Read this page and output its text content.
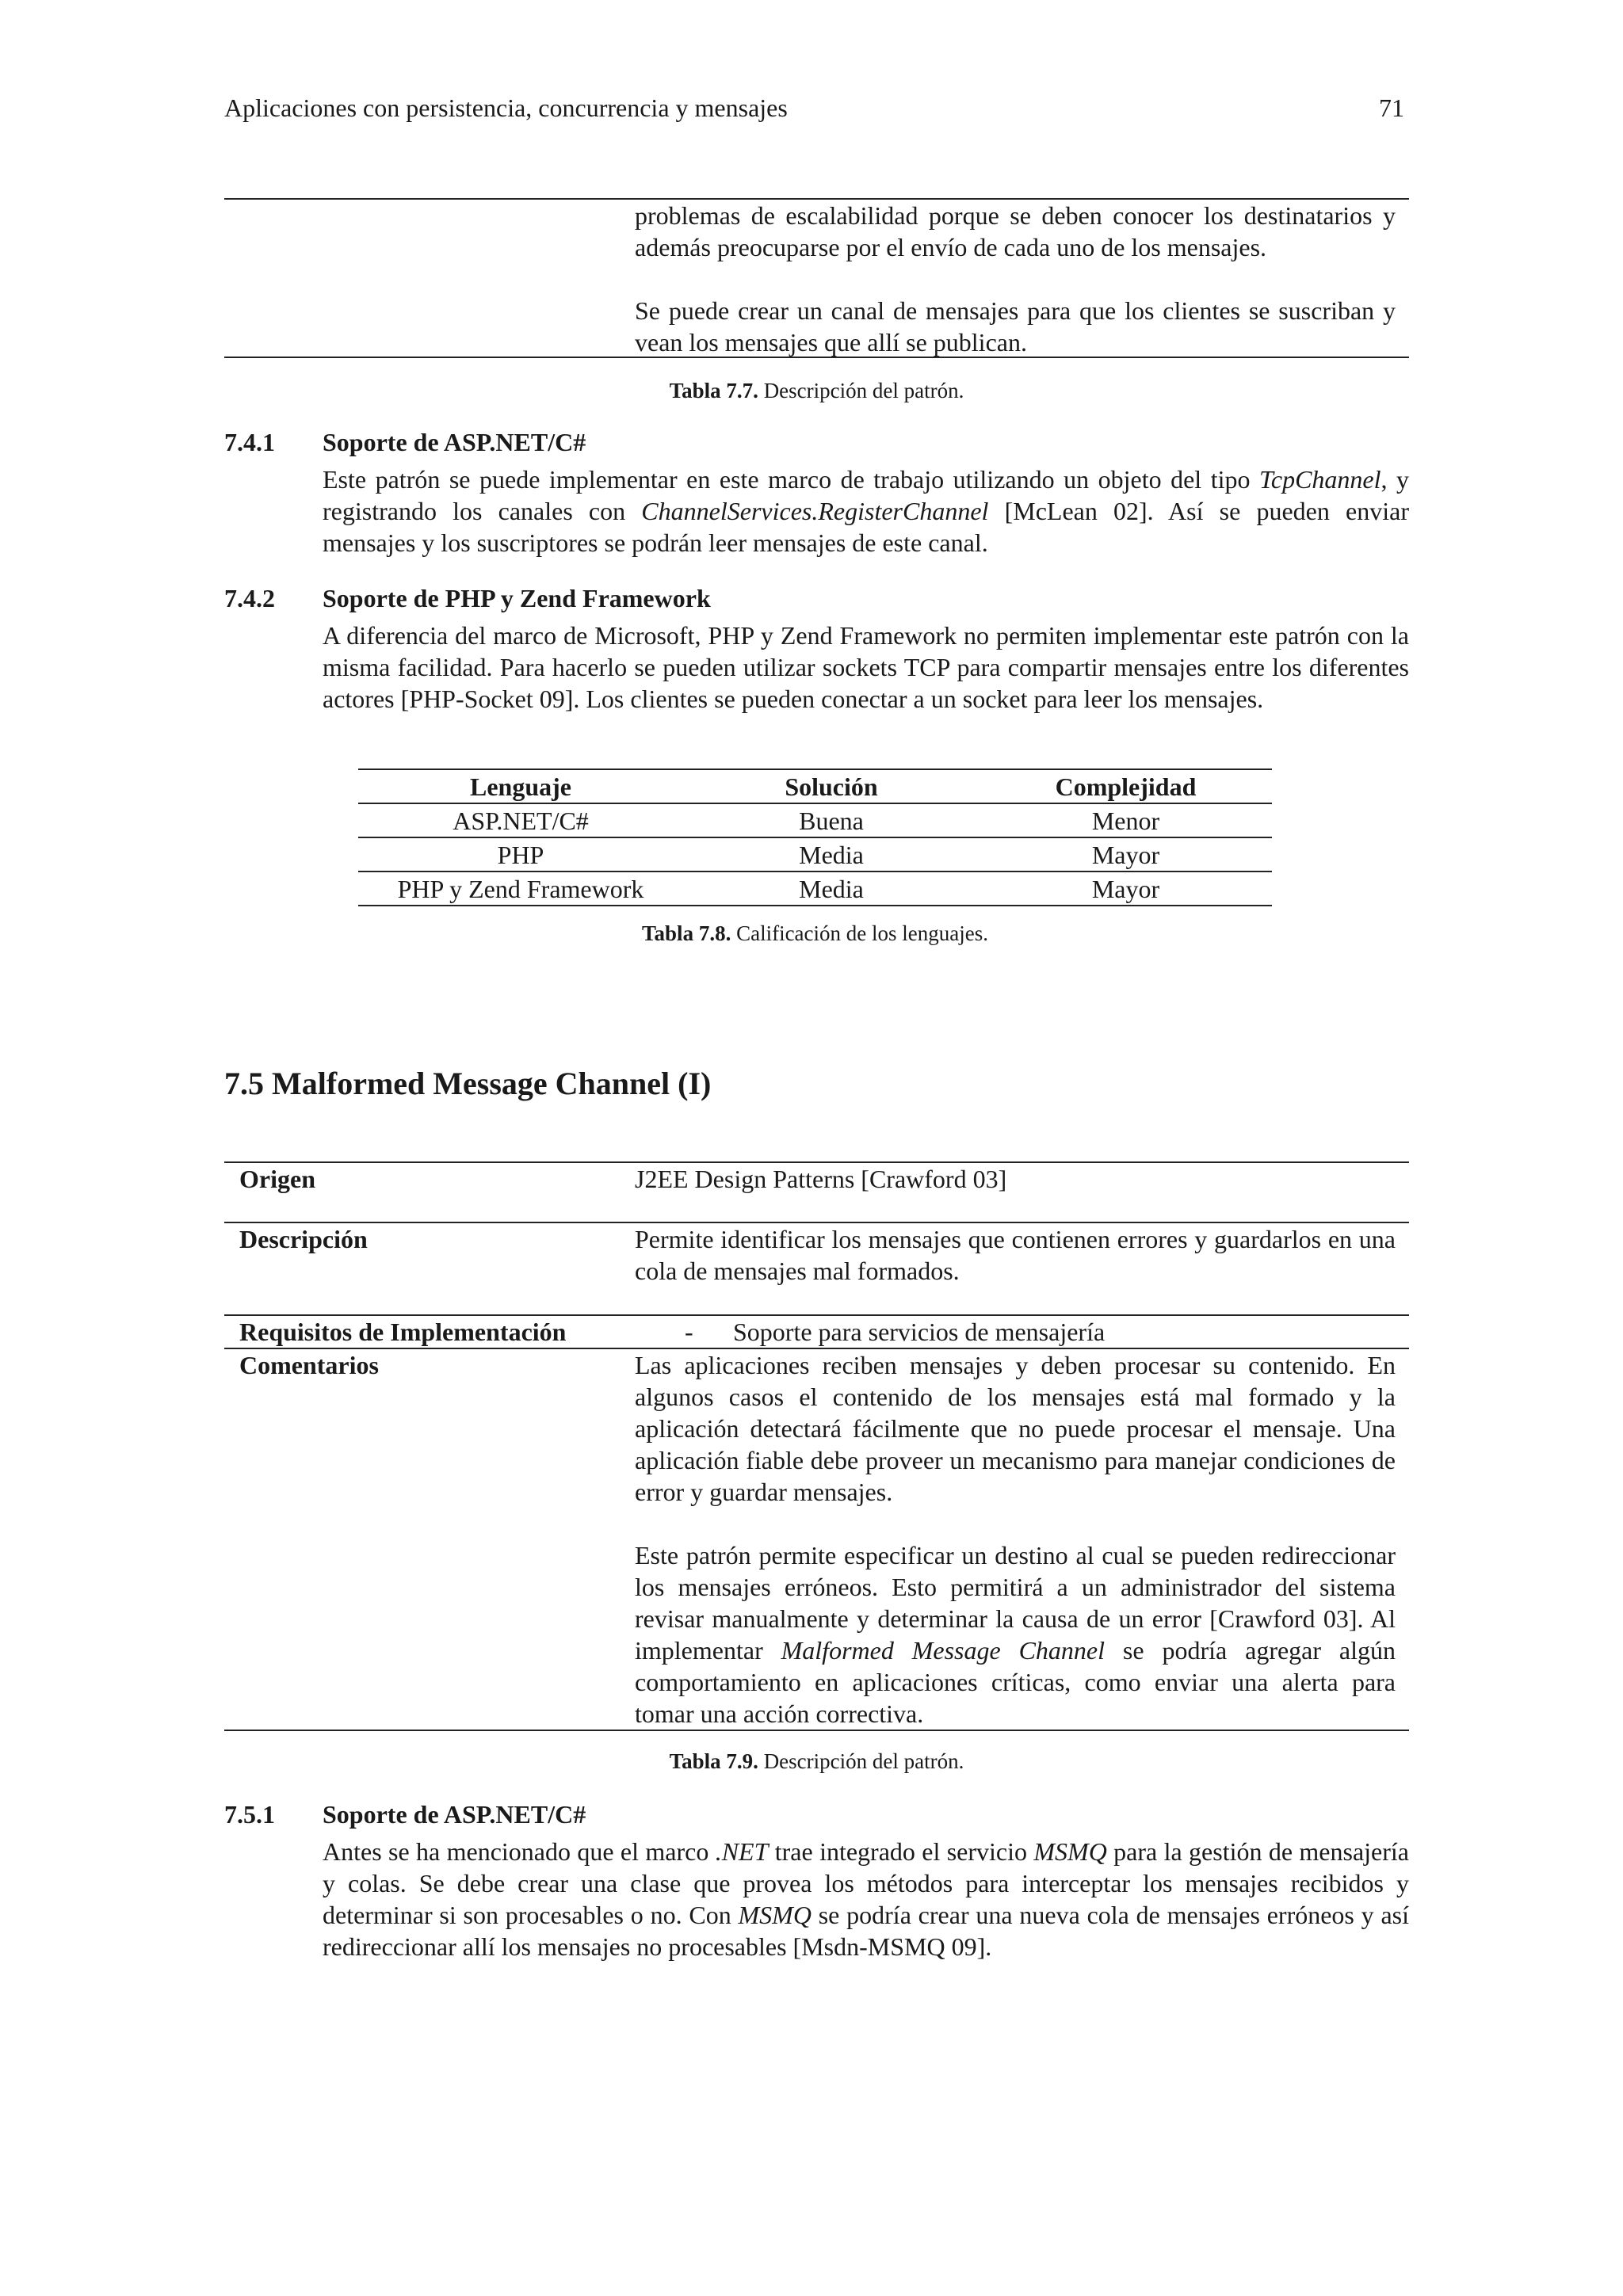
Aplicaciones con persistencia, concurrencia y mensajes	71
problemas de escalabilidad porque se deben conocer los destinatarios y además preocuparse por el envío de cada uno de los mensajes.
Se puede crear un canal de mensajes para que los clientes se suscriban y vean los mensajes que allí se publican.
Tabla 7.7. Descripción del patrón.
7.4.1 Soporte de ASP.NET/C#
Este patrón se puede implementar en este marco de trabajo utilizando un objeto del tipo TcpChannel, y registrando los canales con ChannelServices.RegisterChannel [McLean 02]. Así se pueden enviar mensajes y los suscriptores se podrán leer mensajes de este canal.
7.4.2 Soporte de PHP y Zend Framework
A diferencia del marco de Microsoft, PHP y Zend Framework no permiten implementar este patrón con la misma facilidad. Para hacerlo se pueden utilizar sockets TCP para compartir mensajes entre los diferentes actores [PHP-Socket 09]. Los clientes se pueden conectar a un socket para leer los mensajes.
Lenguaje	Solución	Complejidad
ASP.NET/C#	Buena	Menor
PHP	Media	Mayor
PHP y Zend Framework	Media	Mayor
Tabla 7.8. Calificación de los lenguajes.
7.5 Malformed Message Channel (I)
Origen	J2EE Design Patterns [Crawford 03]
Descripción	Permite identificar los mensajes que contienen errores y guardarlos en una cola de mensajes mal formados.
Requisitos de Implementación	- Soporte para servicios de mensajería
Comentarios	Las aplicaciones reciben mensajes y deben procesar su contenido. En algunos casos el contenido de los mensajes está mal formado y la aplicación detectará fácilmente que no puede procesar el mensaje. Una aplicación fiable debe proveer un mecanismo para manejar condiciones de error y guardar mensajes.
Este patrón permite especificar un destino al cual se pueden redireccionar los mensajes erróneos. Esto permitirá a un administrador del sistema revisar manualmente y determinar la causa de un error [Crawford 03]. Al implementar Malformed Message Channel se podría agregar algún comportamiento en aplicaciones críticas, como enviar una alerta para tomar una acción correctiva.
Tabla 7.9. Descripción del patrón.
7.5.1 Soporte de ASP.NET/C#
Antes se ha mencionado que el marco .NET trae integrado el servicio MSMQ para la gestión de mensajería y colas. Se debe crear una clase que provea los métodos para interceptar los mensajes recibidos y determinar si son procesables o no. Con MSMQ se podría crear una nueva cola de mensajes erróneos y así redireccionar allí los mensajes no procesables [Msdn-MSMQ 09].
